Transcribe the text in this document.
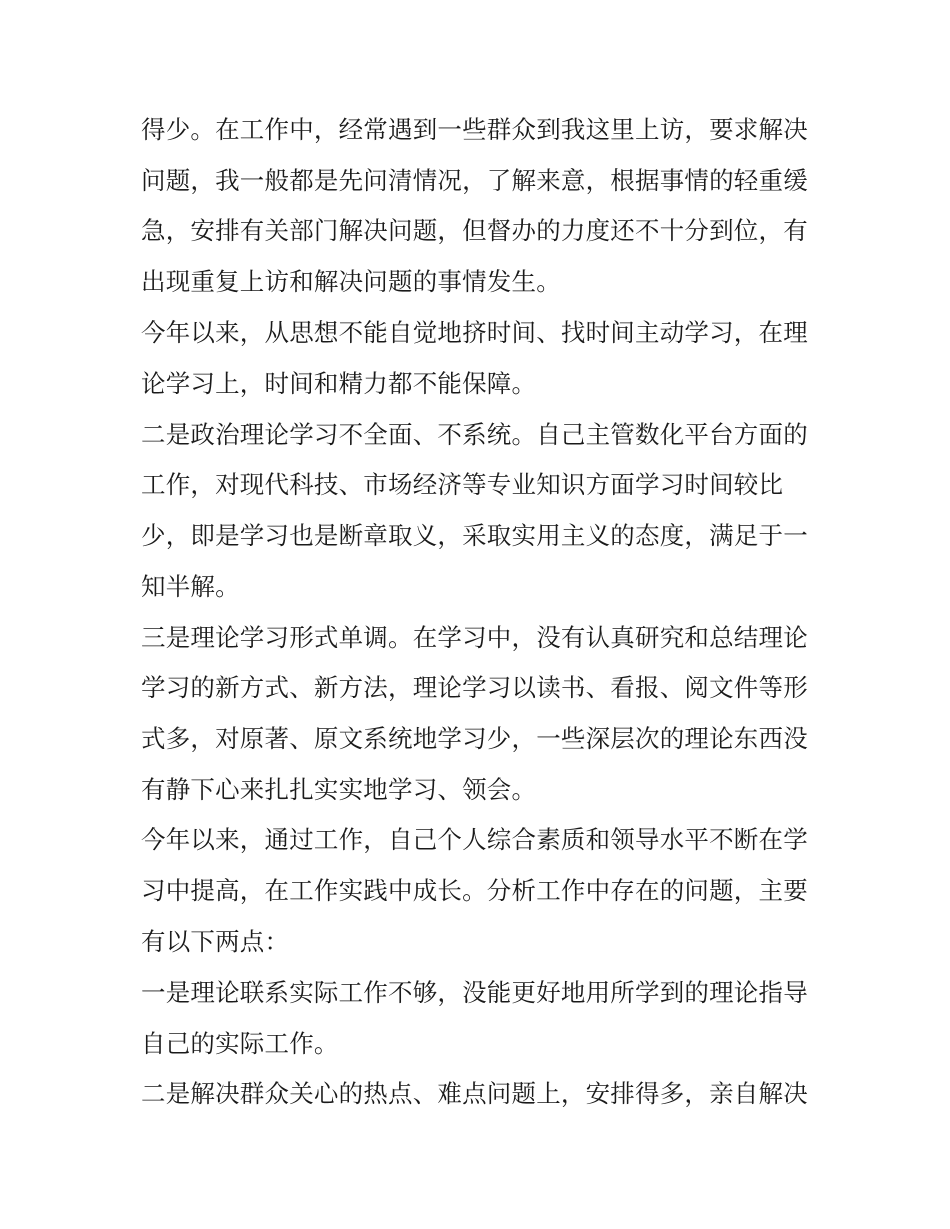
得少。在工作中，经常遇到一些群众到我这里上访，要求解决
问题，我一般都是先问清情况，了解来意，根据事情的轻重缓
急，安排有关部门解决问题，但督办的力度还不十分到位，有
出现重复上访和解决问题的事情发生。
今年以来，从思想不能自觉地挤时间、找时间主动学习，在理
论学习上，时间和精力都不能保障。
二是政治理论学习不全面、不系统。自己主管数化平台方面的
工作，对现代科技、市场经济等专业知识方面学习时间较比
少，即是学习也是断章取义，采取实用主义的态度，满足于一
知半解。
三是理论学习形式单调。在学习中，没有认真研究和总结理论
学习的新方式、新方法，理论学习以读书、看报、阅文件等形
式多，对原著、原文系统地学习少，一些深层次的理论东西没
有静下心来扎扎实实地学习、领会。
今年以来，通过工作，自己个人综合素质和领导水平不断在学
习中提高，在工作实践中成长。分析工作中存在的问题，主要
有以下两点：
一是理论联系实际工作不够，没能更好地用所学到的理论指导
自己的实际工作。
二是解决群众关心的热点、难点问题上，安排得多，亲自解决
